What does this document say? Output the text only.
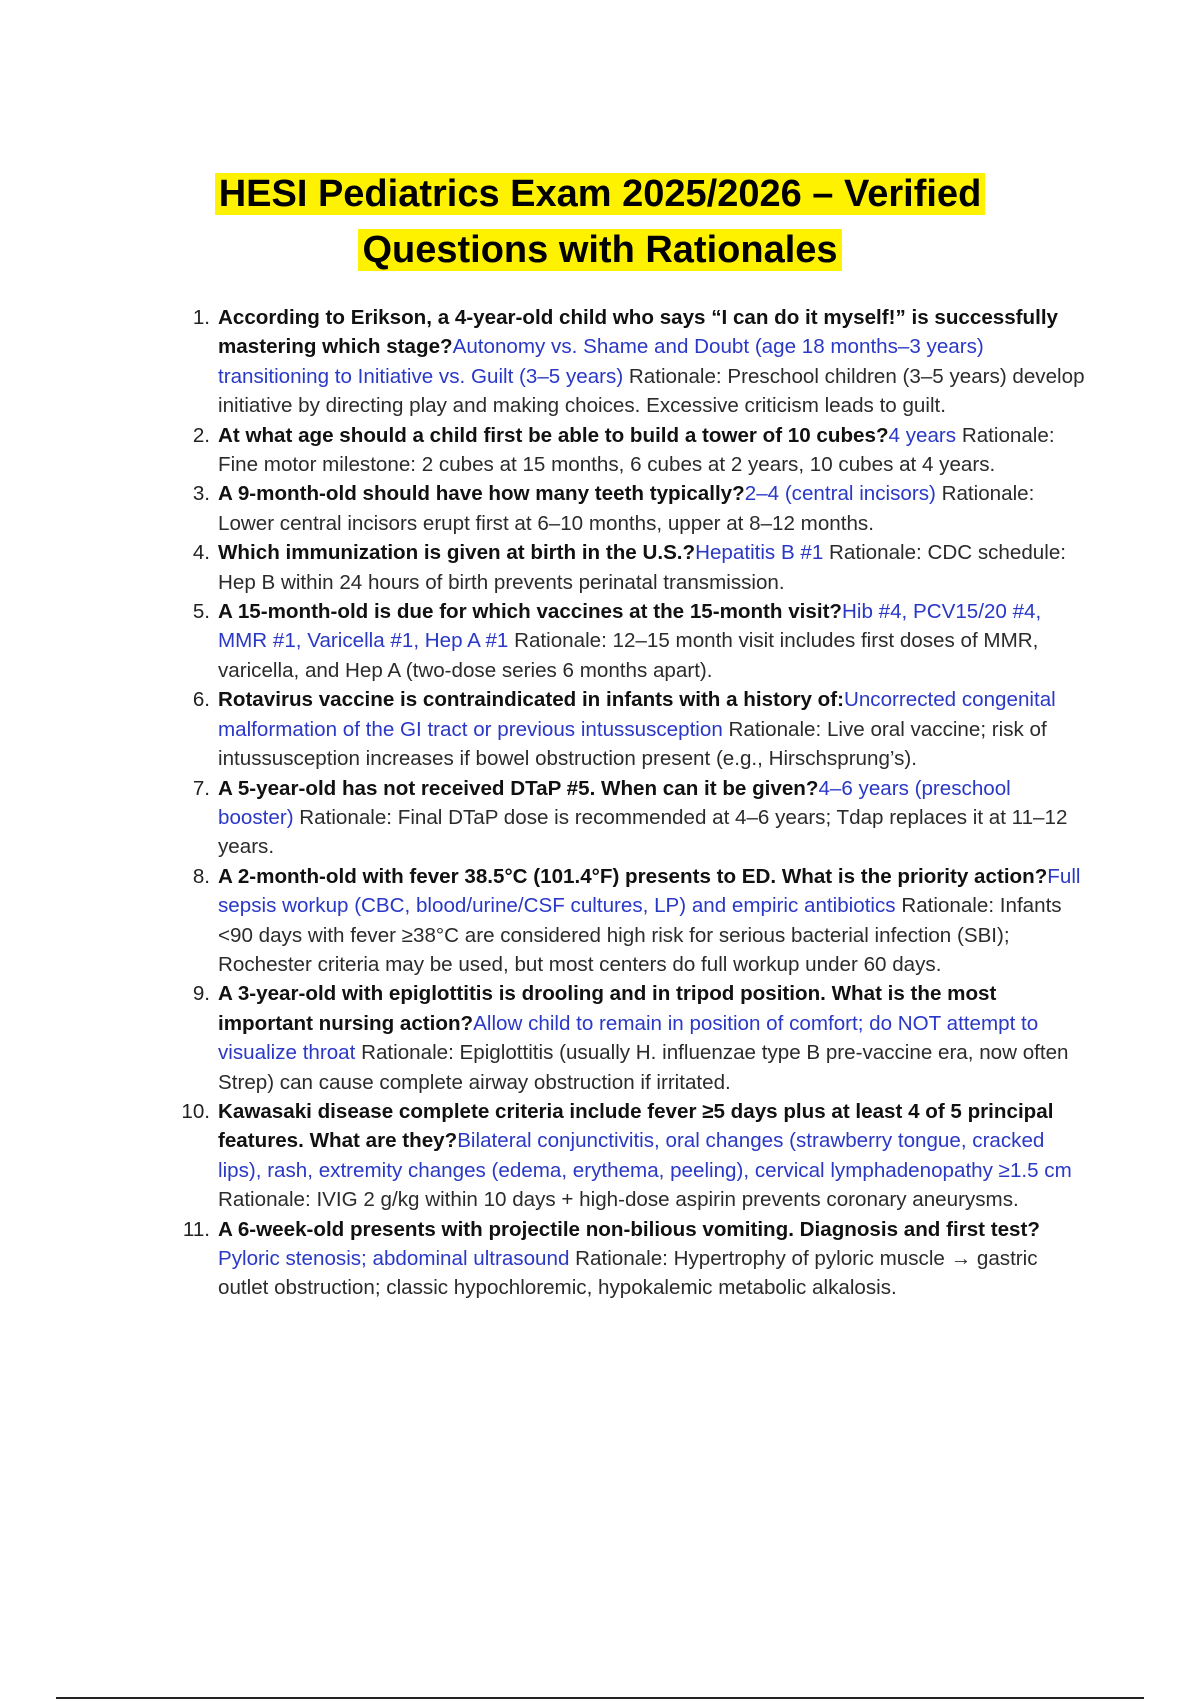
HESI Pediatrics Exam 2025/2026 – Verified
Questions with Rationales
1. According to Erikson, a 4-year-old child who says “I can do it myself!” is successfully mastering which stage?Autonomy vs. Shame and Doubt (age 18 months–3 years) transitioning to Initiative vs. Guilt (3–5 years) Rationale: Preschool children (3–5 years) develop initiative by directing play and making choices. Excessive criticism leads to guilt.
2. At what age should a child first be able to build a tower of 10 cubes?4 years Rationale: Fine motor milestone: 2 cubes at 15 months, 6 cubes at 2 years, 10 cubes at 4 years.
3. A 9-month-old should have how many teeth typically?2–4 (central incisors) Rationale: Lower central incisors erupt first at 6–10 months, upper at 8–12 months.
4. Which immunization is given at birth in the U.S.?Hepatitis B #1 Rationale: CDC schedule: Hep B within 24 hours of birth prevents perinatal transmission.
5. A 15-month-old is due for which vaccines at the 15-month visit?Hib #4, PCV15/20 #4, MMR #1, Varicella #1, Hep A #1 Rationale: 12–15 month visit includes first doses of MMR, varicella, and Hep A (two-dose series 6 months apart).
6. Rotavirus vaccine is contraindicated in infants with a history of:Uncorrected congenital malformation of the GI tract or previous intussusception Rationale: Live oral vaccine; risk of intussusception increases if bowel obstruction present (e.g., Hirschsprung’s).
7. A 5-year-old has not received DTaP #5. When can it be given?4–6 years (preschool booster) Rationale: Final DTaP dose is recommended at 4–6 years; Tdap replaces it at 11–12 years.
8. A 2-month-old with fever 38.5°C (101.4°F) presents to ED. What is the priority action?Full sepsis workup (CBC, blood/urine/CSF cultures, LP) and empiric antibiotics Rationale: Infants <90 days with fever ≥38°C are considered high risk for serious bacterial infection (SBI); Rochester criteria may be used, but most centers do full workup under 60 days.
9. A 3-year-old with epiglottitis is drooling and in tripod position. What is the most important nursing action?Allow child to remain in position of comfort; do NOT attempt to visualize throat Rationale: Epiglottitis (usually H. influenzae type B pre-vaccine era, now often Strep) can cause complete airway obstruction if irritated.
10. Kawasaki disease complete criteria include fever ≥5 days plus at least 4 of 5 principal features. What are they?Bilateral conjunctivitis, oral changes (strawberry tongue, cracked lips), rash, extremity changes (edema, erythema, peeling), cervical lymphadenopathy ≥1.5 cm Rationale: IVIG 2 g/kg within 10 days + high-dose aspirin prevents coronary aneurysms.
11. A 6-week-old presents with projectile non-bilious vomiting. Diagnosis and first test?Pyloric stenosis; abdominal ultrasound Rationale: Hypertrophy of pyloric muscle → gastric outlet obstruction; classic hypochloremic, hypokalemic metabolic alkalosis.
